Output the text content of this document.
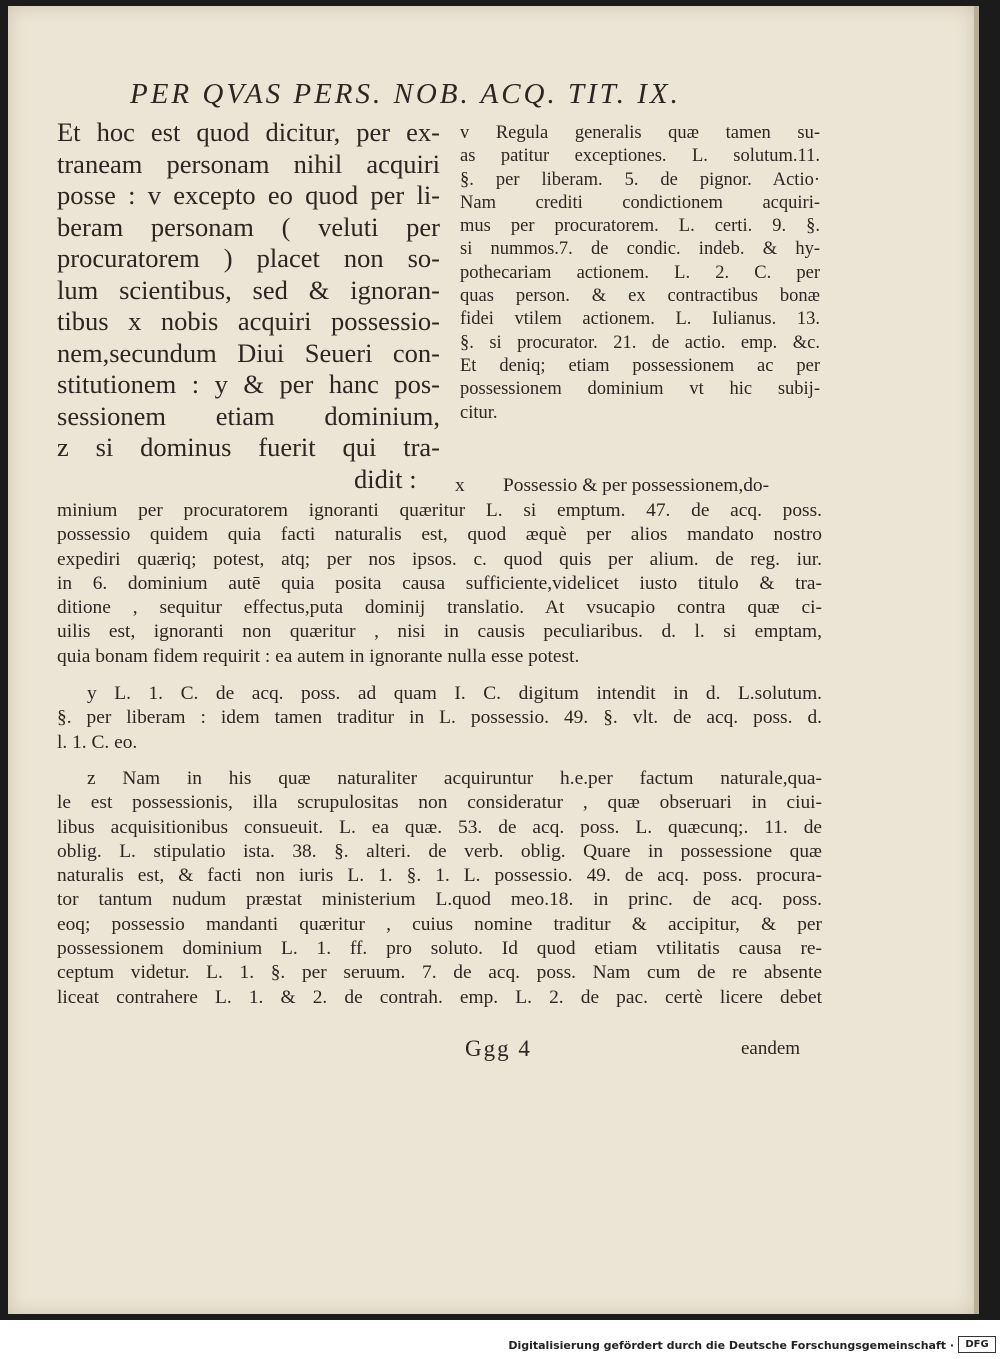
PER QVAS PERS. NOB. ACQ. TIT. IX.
Et hoc est quod dicitur, per ex-
traneam personam nihil acquiri
posse : v excepto eo quod per li-
beram personam ( veluti per
procuratorem ) placet non so-
lum scientibus, sed & ignoran-
tibus x nobis acquiri possessio-
nem,secundum Diui Seueri con-
stitutionem : y & per hanc pos-
sessionem etiam dominium,
z si dominus fuerit qui tra-
didit :
v Regula generalis quæ tamen su-
as patitur exceptiones. L. solutum.11.
§. per liberam. 5. de pignor. Actio·
Nam crediti condictionem acquiri-
mus per procuratorem. L. certi. 9. §.
si nummos.7. de condic. indeb. & hy-
pothecariam actionem. L. 2. C. per
quas person. & ex contractibus bonæ
fidei vtilem actionem. L. Iulianus. 13.
§. si procurator. 21. de actio. emp. &c.
Et deniq; etiam possessionem ac per
possessionem dominium vt hic subij-
citur.
x Possessio & per possessionem,do-
minium per procuratorem ignoranti quæritur L. si emptum. 47. de acq. poss.
possessio quidem quia facti naturalis est, quod æquè per alios mandato nostro
expediri quæriq; potest, atq; per nos ipsos. c. quod quis per alium. de reg. iur.
in 6. dominium autē quia posita causa sufficiente,videlicet iusto titulo & tra-
ditione , sequitur effectus,puta dominij translatio. At vsucapio contra quæ ci-
uilis est, ignoranti non quæritur , nisi in causis peculiaribus. d. l. si emptam,
quia bonam fidem requirit : ea autem in ignorante nulla esse potest.
y L. 1. C. de acq. poss. ad quam I. C. digitum intendit in d. L.solutum.
§. per liberam : idem tamen traditur in L. possessio. 49. §. vlt. de acq. poss. d.
l. 1. C. eo.
z Nam in his quæ naturaliter acquiruntur h.e.per factum naturale,qua-
le est possessionis, illa scrupulositas non consideratur , quæ obseruari in ciui-
libus acquisitionibus consueuit. L. ea quæ. 53. de acq. poss. L. quæcunq;. 11. de
oblig. L. stipulatio ista. 38. §. alteri. de verb. oblig. Quare in possessione quæ
naturalis est, & facti non iuris L. 1. §. 1. L. possessio. 49. de acq. poss. procura-
tor tantum nudum præstat ministerium L.quod meo.18. in princ. de acq. poss.
eoq; possessio mandanti quæritur , cuius nomine traditur & accipitur, & per
possessionem dominium L. 1. ff. pro soluto. Id quod etiam vtilitatis causa re-
ceptum videtur. L. 1. §. per seruum. 7. de acq. poss. Nam cum de re absente
liceat contrahere L. 1. & 2. de contrah. emp. L. 2. de pac. certè licere debet
Ggg 4	eandem
Digitalisierung gefördert durch die Deutsche Forschungsgemeinschaft ·	DFG
